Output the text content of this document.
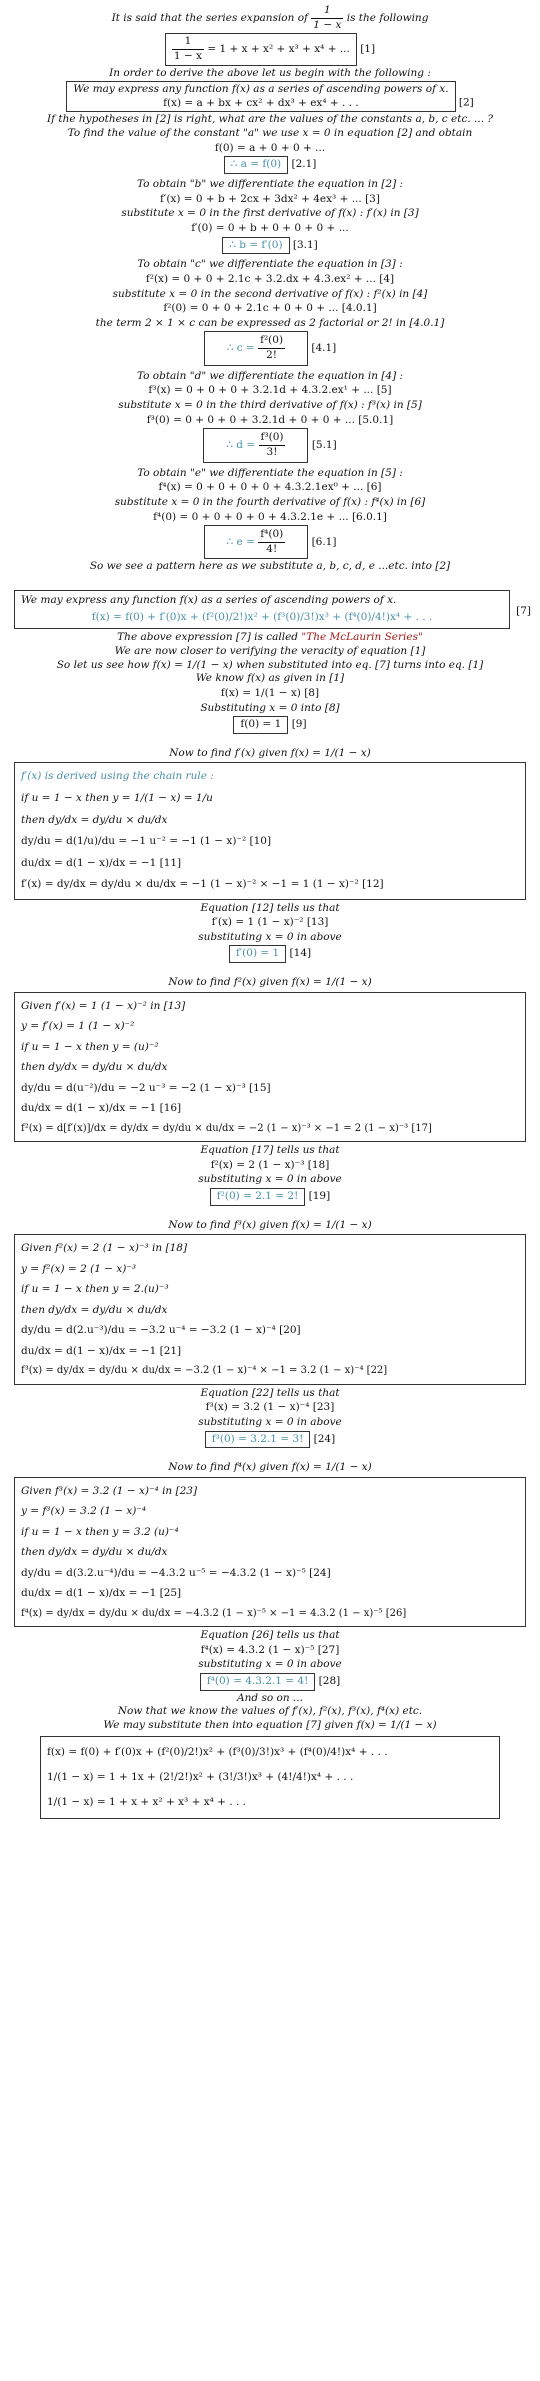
It is said that the series expansion of $\frac{1}{1 - x}$ is the following
$\frac{1}{1 - x} = 1 + x + x^2 + x^3 + x^4$ + ... [1]
In order to derive the above let us begin with the following :
We may express any function f(x) as a series of ascending powers of x.
f(x) = a + bx + cx² + dx³ + ex⁴ + . . .	[2]
If the hypotheses in [2] is right, what are the values of the constants a, b, c etc. ... ?
To find the value of the constant "a" we use x = 0 in equation [2] and obtain
f(0) = a + 0 + 0 + ...
∴ a = f(0) [2.1]
To obtain "b" we differentiate the equation in [2] :
f′(x) = 0 + b + 2cx + 3dx² + 4ex³ + ... [3]
substitute x = 0 in the first derivative of f(x) : f′(x) in [3]
f′(0) = 0 + b + 0 + 0 + 0 + ...
∴ b = f′(0) [3.1]
To obtain "c" we differentiate the equation in [3] :
f²(x) = 0 + 0 + 2.1c + 3.2.dx + 4.3.ex² + ... [4]
substitute x = 0 in the second derivative of f(x) : f²(x) in [4]
f²(0) = 0 + 0 + 2.1c + 0 + 0 + ... [4.0.1]
the term 2 × 1 × c can be expressed as 2 factorial or 2! in [4.0.1]
∴ $c = \frac{\text{f²(0)}}{2!}$	[4.1]
To obtain "d" we differentiate the equation in [4] :
f³(x) = 0 + 0 + 0 + 3.2.1d + 4.3.2.ex¹ + ... [5]
substitute x = 0 in the third derivative of f(x) : f³(x) in [5]
f³(0) = 0 + 0 + 0 + 3.2.1d + 0 + 0 + ... [5.0.1]
∴ $d = \frac{\text{f³(0)}}{3!}$	[5.1]
To obtain "e" we differentiate the equation in [5] :
f⁴(x) = 0 + 0 + 0 + 0 + 4.3.2.1ex⁰ + ... [6]
substitute x = 0 in the fourth derivative of f(x) : f⁴(x) in [6]
f⁴(0) = 0 + 0 + 0 + 0 + 4.3.2.1e + ... [6.0.1]
∴ $e = \frac{\text{f⁴(0)}}{4!}$	[6.1]
So we see a pattern here as we substitute a, b, c, d, e ...etc. into [2]
We may express any function f(x) as a series of ascending powers of x.
f(x) = f(0) + f′(0)x + (f²(0)/2!)x² + (f³(0)/3!)x³ + (f⁴(0)/4!)x⁴ + . . .	[7]
The above expression [7] is called "The McLaurin Series"
We are now closer to verifying the veracity of equation [1]
So let us see how f(x) = 1/(1 − x) when substituted into eq. [7] turns into eq. [1]
We know f(x) as given in [1]
f(x) = 1/(1 − x) [8]
Substituting x = 0 into [8]
f(0) = 1 [9]
Now to find f′(x) given f(x) = 1/(1 − x)
f′(x) is derived using the chain rule :
if u = 1 − x then y = 1/(1 − x) = 1/u
then dy/dx = dy/du × du/dx
dy/du = d(1/u)/du = −1 u⁻² = −1 (1 − x)⁻² [10]
du/dx = d(1 − x)/dx = −1 [11]
f′(x) = dy/dx = dy/du × du/dx = −1 (1 − x)⁻² × −1 = 1 (1 − x)⁻² [12]
Equation [12] tells us that
f′(x) = 1 (1 − x)⁻² [13]
substituting x = 0 in above
f′(0) = 1 [14]
Now to find f²(x) given f(x) = 1/(1 − x)
Given f′(x) = 1 (1 − x)⁻² in [13]
y = f′(x) = 1 (1 − x)⁻²
if u = 1 − x then y = (u)⁻²
then dy/dx = dy/du × du/dx
dy/du = d(u⁻²)/du = −2 u⁻³ = −2 (1 − x)⁻³ [15]
du/dx = d(1 − x)/dx = −1 [16]
f²(x) = d[f′(x)]/dx = dy/dx = dy/du × du/dx = −2 (1 − x)⁻³ × −1 = 2 (1 − x)⁻³ [17]
Equation [17] tells us that
f²(x) = 2 (1 − x)⁻³ [18]
substituting x = 0 in above
f²(0) = 2.1 = 2! [19]
Now to find f³(x) given f(x) = 1/(1 − x)
Given f²(x) = 2 (1 − x)⁻³ in [18]
y = f²(x) = 2 (1 − x)⁻³
if u = 1 − x then y = 2.(u)⁻³
then dy/dx = dy/du × du/dx
dy/du = d(2.u⁻³)/du = −3.2 u⁻⁴ = −3.2 (1 − x)⁻⁴ [20]
du/dx = d(1 − x)/dx = −1 [21]
f³(x) = dy/dx = dy/du × du/dx = −3.2 (1 − x)⁻⁴ × −1 = 3.2 (1 − x)⁻⁴ [22]
Equation [22] tells us that
f³(x) = 3.2 (1 − x)⁻⁴ [23]
substituting x = 0 in above
f³(0) = 3.2.1 = 3! [24]
Now to find f⁴(x) given f(x) = 1/(1 − x)
Given f³(x) = 3.2 (1 − x)⁻⁴ in [23]
y = f³(x) = 3.2 (1 − x)⁻⁴
if u = 1 − x then y = 3.2 (u)⁻⁴
then dy/dx = dy/du × du/dx
dy/du = d(3.2.u⁻⁴)/du = −4.3.2 u⁻⁵ = −4.3.2 (1 − x)⁻⁵ [24]
du/dx = d(1 − x)/dx = −1 [25]
f⁴(x) = dy/dx = dy/du × du/dx = −4.3.2 (1 − x)⁻⁵ × −1 = 4.3.2 (1 − x)⁻⁵ [26]
Equation [26] tells us that
f⁴(x) = 4.3.2 (1 − x)⁻⁵ [27]
substituting x = 0 in above
f⁴(0) = 4.3.2.1 = 4! [28]
And so on ...
Now that we know the values of f′(x), f²(x), f³(x), f⁴(x) etc.
We may substitute then into equation [7] given f(x) = 1/(1 − x)
f(x) = f(0) + f′(0)x + (f²(0)/2!)x² + (f³(0)/3!)x³ + (f⁴(0)/4!)x⁴ + . . .
1/(1 − x) = 1 + 1x + (2!/2!)x² + (3!/3!)x³ + (4!/4!)x⁴ + . . .
1/(1 − x) = 1 + x + x² + x³ + x⁴ + . . .
